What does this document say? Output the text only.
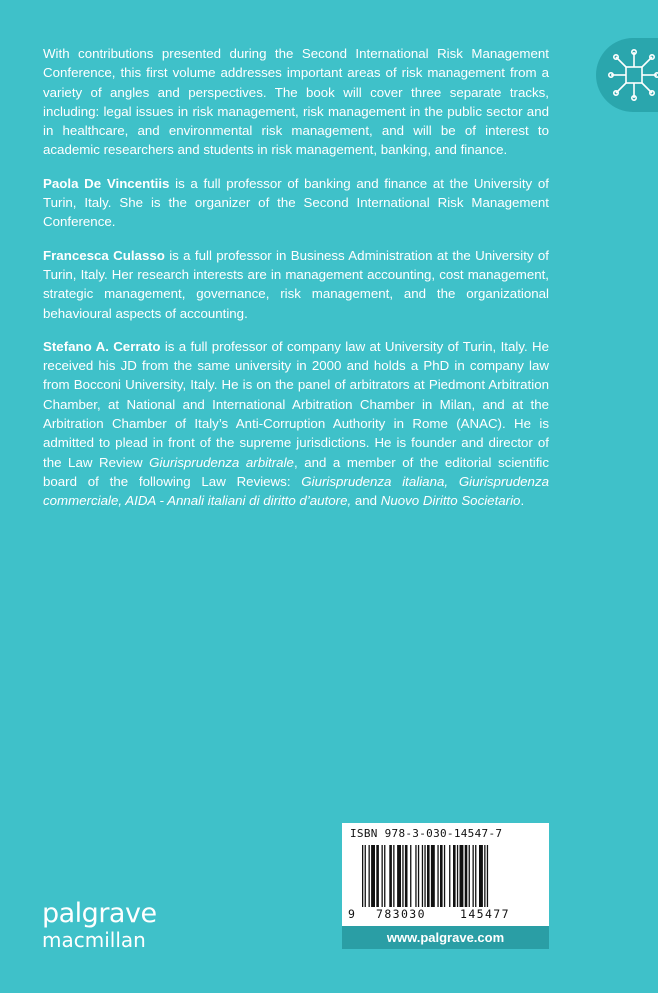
With contributions presented during the Second International Risk Management Conference, this first volume addresses important areas of risk management from a variety of angles and perspectives. The book will cover three separate tracks, including: legal issues in risk management, risk management in the public sector and in healthcare, and environmental risk management, and will be of interest to academic researchers and students in risk management, banking, and finance.

Paola De Vincentiis is a full professor of banking and finance at the University of Turin, Italy. She is the organizer of the Second International Risk Management Conference.

Francesca Culasso is a full professor in Business Administration at the University of Turin, Italy. Her research interests are in management accounting, cost management, strategic management, governance, risk management, and the organizational behavioural aspects of accounting.

Stefano A. Cerrato is a full professor of company law at University of Turin, Italy. He received his JD from the same university in 2000 and holds a PhD in company law from Bocconi University, Italy. He is on the panel of arbitrators at Piedmont Arbitration Chamber, at National and International Arbitration Chamber in Milan, and at the Arbitration Chamber of Italy’s Anti-Corruption Authority in Rome (ANAC). He is admitted to plead in front of the supreme jurisdictions. He is founder and director of the Law Review Giurisprudenza arbitrale, and a member of the editorial scientific board of the following Law Reviews: Giurisprudenza italiana, Giurisprudenza commerciale, AIDA - Annali italiani di diritto d’autore, and Nuovo Diritto Societario.

ISBN 978-3-030-14547-7
9 783030	145477
www.palgrave.com
palgrave
macmillan
